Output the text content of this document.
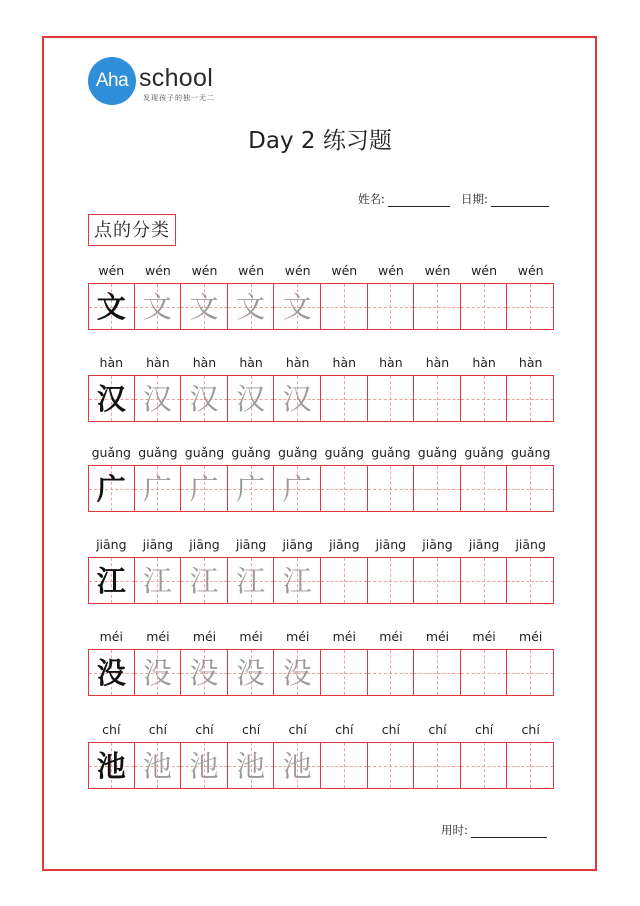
Aha school
发现孩子的独一无二
Day 2 练习题
姓名:	日期:
点的分类
wén	wén	wén	wén	wén	wén	wén	wén	wén	wén
文 文 文 文 文
hàn	hàn	hàn	hàn	hàn	hàn	hàn	hàn	hàn	hàn
汉 汉 汉 汉 汉
guǎng guǎng guǎng guǎng guǎng guǎng guǎng guǎng guǎng guǎng
广 广 广 广 广
jiāng	jiāng	jiāng	jiāng	jiāng	jiāng	jiāng	jiāng	jiāng	jiāng
江 江 江 江 江
méi	méi	méi	méi	méi	méi	méi	méi	méi	méi
没 没 没 没 没
chí	chí	chí	chí	chí	chí	chí	chí	chí	chí
池 池 池 池 池
用时:
